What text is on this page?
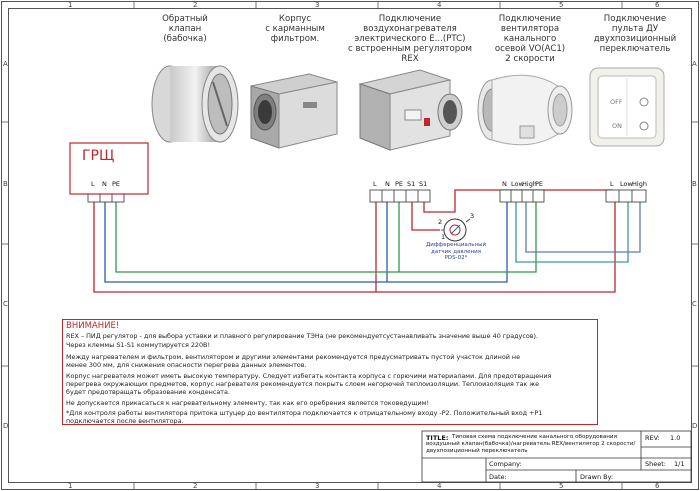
1	2	3	4	5	6
1	2	3	4	5	6
A
B
C
D
A
B
C
D
Обратный
клапан
(бабочка)
Корпус
с карманным
фильтром.
Подключение
воздухонагревателя
электрического E...(PTC)
с встроенным регулятором REX
Подключение
вентилятора канального
осевой VO(AC1)
2 скорости
Подключение
пульта ДУ
двухпозиционный
переключатель
OFF
ON
ГРЩ
L N PE	L N PE S1 S1	N Low
High
PE	L Low High
2
1
3
Дифференциальный
датчик давления
PDS-02*
ВНИМАНИЕ!

REX – ПИД регулятор - для выбора уставки и плавного регулирование ТЭНа (не рекомендуетсустанавливать значение выше 40 градусов).

Через клеммы S1-S1 коммутируется 220В!

Между нагревателем и фильтром, вентилятором и другими элементами рекомендуется предусматривать пустой участок длиной не

менее 300 мм, для снижения опасности перегрева данных элементов.

Корпус нагревателя может иметь высокую температуру. Следует избегать контакта корпуса с горючими материалами. Для предотвращения

перегрева окружающих предметов, корпус нагревателя рекомендуется покрыть слоем негорючей теплоизоляции. Теплоизоляция так же

будет предотвращать образование конденсата.

Не допускается прикасаться к нагревательному элементу, так как его оребрения является токоведущим!

*Для контроля работы вентилятора притока штуцер до вентилятора подключается к отрицательному входу -P2. Положительный вход +P1

подключается после вентилятора.

TITLE: Типовая схема подключение канального оборудования
воздушный клапан(бабочка)/нагреватель REX/вентилятор 2 скорости/
двухпозиционный переключатель
REV: 1.0
Company:	Sheet: 1/1
Date:	Drawn By:
